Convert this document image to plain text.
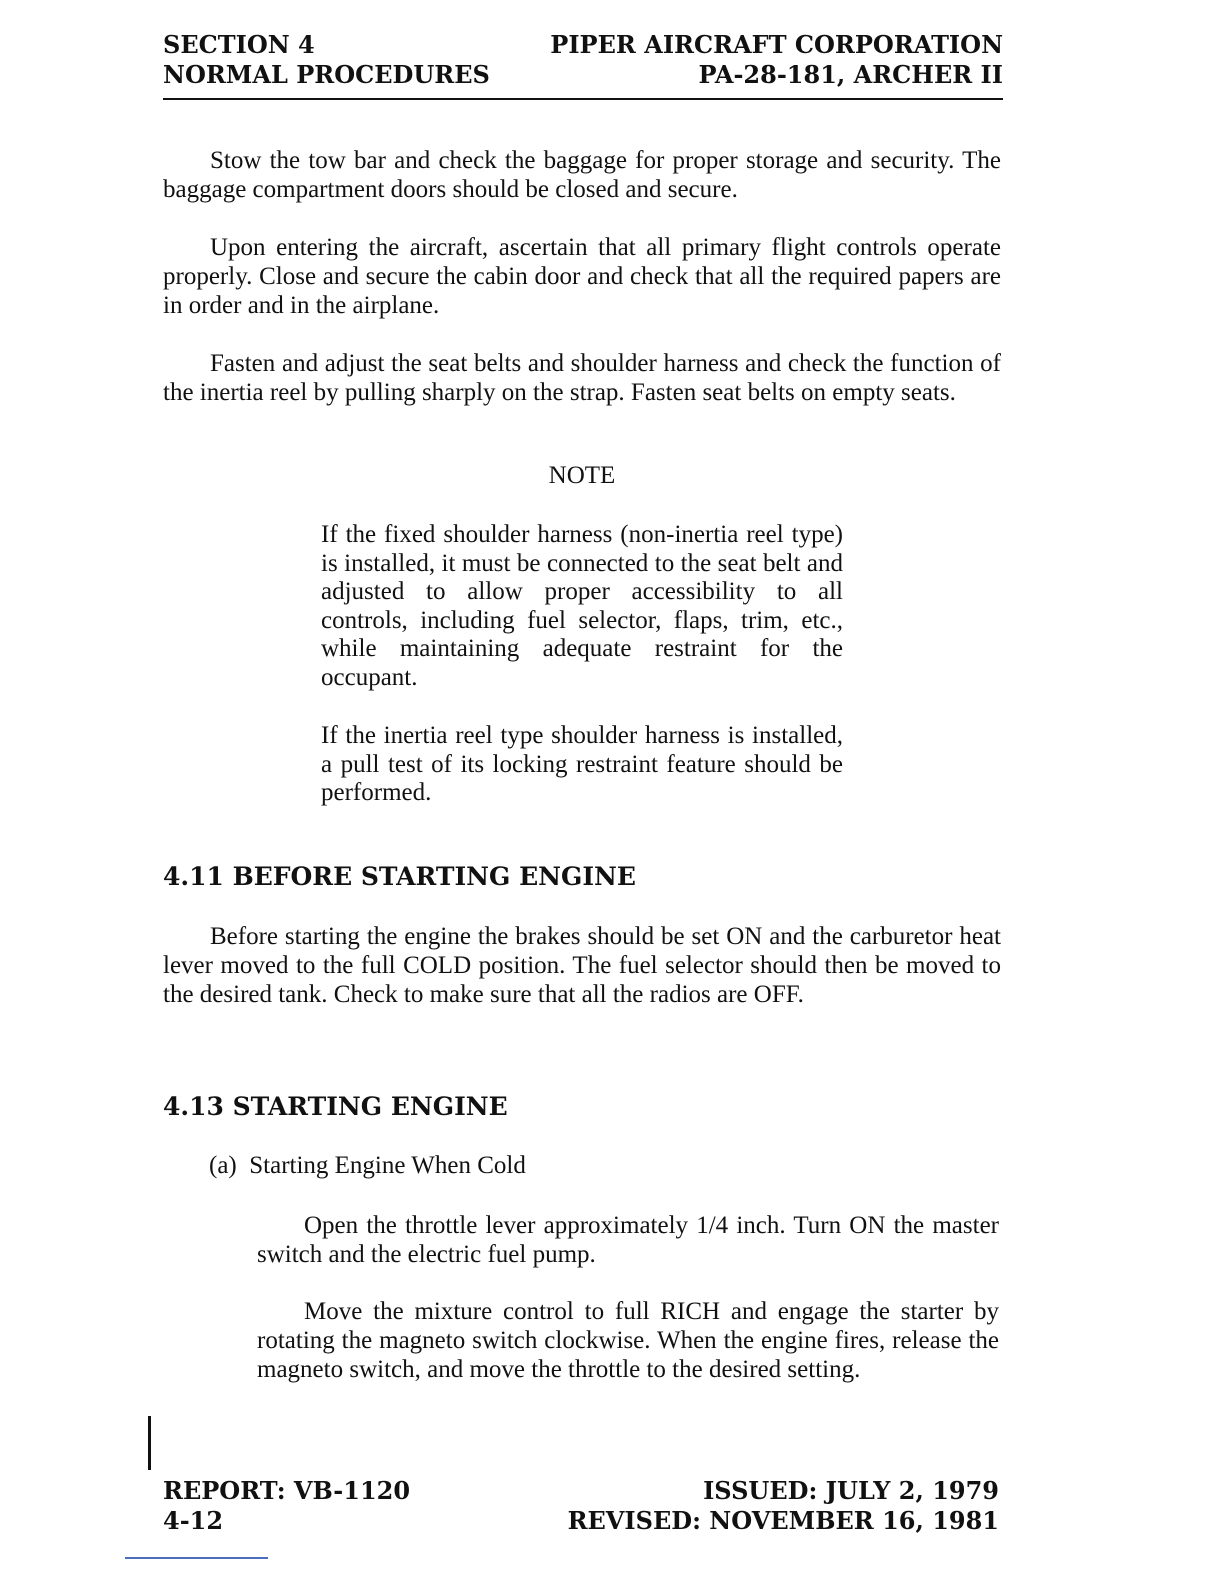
SECTION 4
NORMAL PROCEDURES
PIPER AIRCRAFT CORPORATION
PA-28-181, ARCHER II

Stow the tow bar and check the baggage for proper storage and security. The baggage compartment doors should be closed and secure.

Upon entering the aircraft, ascertain that all primary flight controls operate properly. Close and secure the cabin door and check that all the required papers are in order and in the airplane.

Fasten and adjust the seat belts and shoulder harness and check the function of the inertia reel by pulling sharply on the strap. Fasten seat belts on empty seats.

NOTE

If the fixed shoulder harness (non-inertia reel type) is installed, it must be connected to the seat belt and adjusted to allow proper accessibility to all controls, including fuel selector, flaps, trim, etc., while maintaining adequate restraint for the occupant.

If the inertia reel type shoulder harness is installed, a pull test of its locking restraint feature should be performed.

4.11 BEFORE STARTING ENGINE

Before starting the engine the brakes should be set ON and the carburetor heat lever moved to the full COLD position. The fuel selector should then be moved to the desired tank. Check to make sure that all the radios are OFF.

4.13 STARTING ENGINE
(a)  Starting Engine When Cold

Open the throttle lever approximately 1/4 inch. Turn ON the master switch and the electric fuel pump.

Move the mixture control to full RICH and engage the starter by rotating the magneto switch clockwise. When the engine fires, release the magneto switch, and move the throttle to the desired setting.

REPORT: VB-1120
4-12
ISSUED: JULY 2, 1979
REVISED: NOVEMBER 16, 1981
